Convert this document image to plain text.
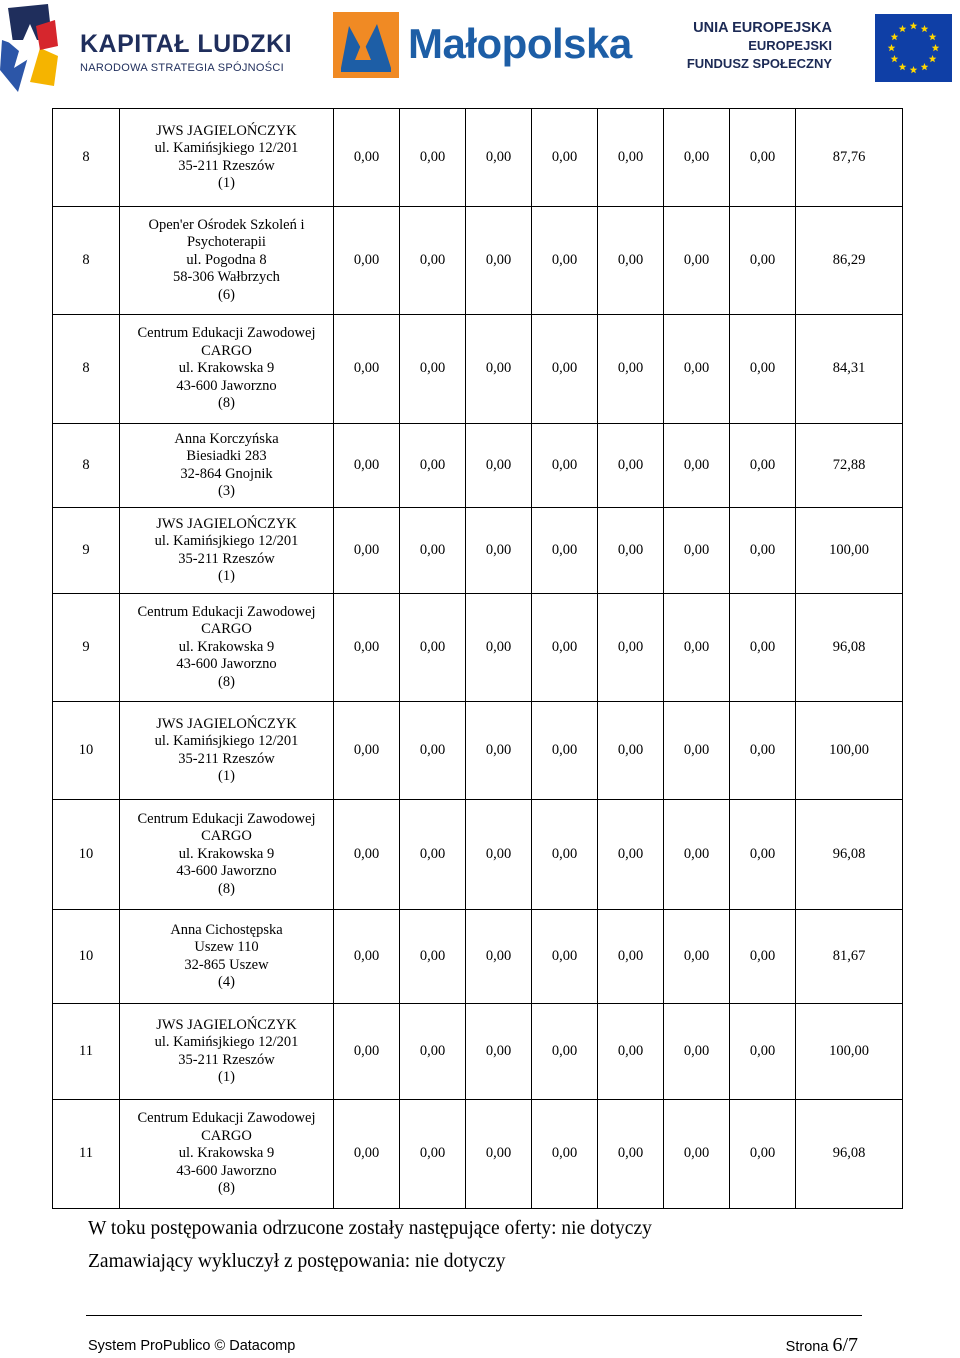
KAPITAŁ LUDZKI
NARODOWA STRATEGIA SPÓJNOŚCI
Małopolska	UNIA EUROPEJSKA
EUROPEJSKI
FUNDUSZ SPOŁECZNY
8	JWS JAGIELOŃCZYK
ul. Kamińsjkiego 12/201
35-211 Rzeszów
(1)	0,00	0,00	0,00	0,00	0,00	0,00	0,00	87,76
8	Open'er Ośrodek Szkoleń i
Psychoterapii
ul. Pogodna 8
58-306 Wałbrzych
(6)	0,00	0,00	0,00	0,00	0,00	0,00	0,00	86,29
8	Centrum Edukacji Zawodowej
CARGO
ul. Krakowska 9
43-600 Jaworzno
(8)	0,00	0,00	0,00	0,00	0,00	0,00	0,00	84,31
8	Anna Korczyńska
Biesiadki 283
32-864 Gnojnik
(3)	0,00	0,00	0,00	0,00	0,00	0,00	0,00	72,88
9	JWS JAGIELOŃCZYK
ul. Kamińsjkiego 12/201
35-211 Rzeszów
(1)	0,00	0,00	0,00	0,00	0,00	0,00	0,00	100,00
9	Centrum Edukacji Zawodowej
CARGO
ul. Krakowska 9
43-600 Jaworzno
(8)	0,00	0,00	0,00	0,00	0,00	0,00	0,00	96,08
10	JWS JAGIELOŃCZYK
ul. Kamińsjkiego 12/201
35-211 Rzeszów
(1)	0,00	0,00	0,00	0,00	0,00	0,00	0,00	100,00
10	Centrum Edukacji Zawodowej
CARGO
ul. Krakowska 9
43-600 Jaworzno
(8)	0,00	0,00	0,00	0,00	0,00	0,00	0,00	96,08
10	Anna Cichostępska
Uszew 110
32-865 Uszew
(4)	0,00	0,00	0,00	0,00	0,00	0,00	0,00	81,67
11	JWS JAGIELOŃCZYK
ul. Kamińsjkiego 12/201
35-211 Rzeszów
(1)	0,00	0,00	0,00	0,00	0,00	0,00	0,00	100,00
11	Centrum Edukacji Zawodowej
CARGO
ul. Krakowska 9
43-600 Jaworzno
(8)	0,00	0,00	0,00	0,00	0,00	0,00	0,00	96,08
W toku postępowania odrzucone zostały następujące oferty: nie dotyczy
Zamawiający wykluczył z postępowania: nie dotyczy
System ProPublico © Datacomp	Strona 6/7
